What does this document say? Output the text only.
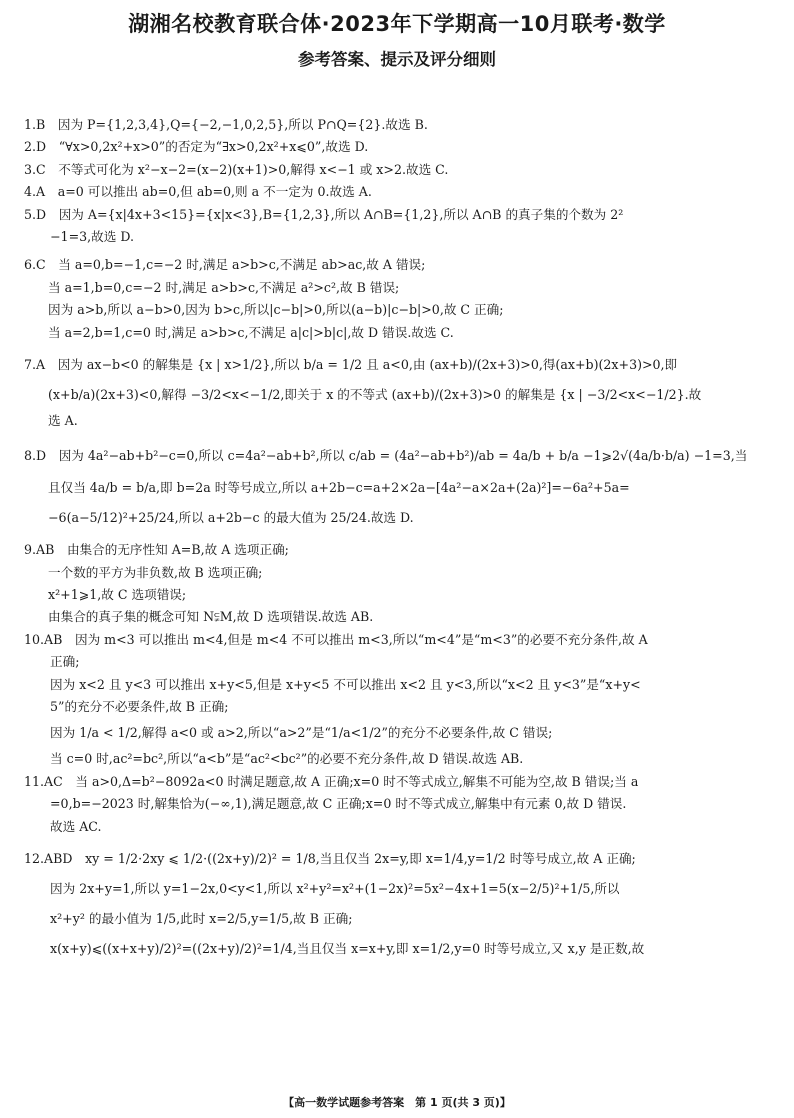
湖湘名校教育联合体·2023年下学期高一10月联考·数学
参考答案、提示及评分细则
1.B　因为 P={1,2,3,4},Q={−2,−1,0,2,5},所以 P∩Q={2}.故选 B.
2.D　“∀x>0,2x²+x>0”的否定为“∃x>0,2x²+x⩽0”,故选 D.
3.C　不等式可化为 x²−x−2=(x−2)(x+1)>0,解得 x<−1 或 x>2.故选 C.
4.A　a=0 可以推出 ab=0,但 ab=0,则 a 不一定为 0.故选 A.
5.D　因为 A={x|4x+3<15}={x|x<3},B={1,2,3},所以 A∩B={1,2},所以 A∩B 的真子集的个数为 2²
−1=3,故选 D.
6.C　当 a=0,b=−1,c=−2 时,满足 a>b>c,不满足 ab>ac,故 A 错误;
当 a=1,b=0,c=−2 时,满足 a>b>c,不满足 a²>c²,故 B 错误;
因为 a>b,所以 a−b>0,因为 b>c,所以|c−b|>0,所以(a−b)|c−b|>0,故 C 正确;
当 a=2,b=1,c=0 时,满足 a>b>c,不满足 a|c|>b|c|,故 D 错误.故选 C.
7.A　因为 ax−b<0 的解集是 {x | x>1/2},所以 b/a = 1/2 且 a<0,由 (ax+b)/(2x+3)>0,得(ax+b)(2x+3)>0,即
(x+b/a)(2x+3)<0,解得 −3/2<x<−1/2,即关于 x 的不等式 (ax+b)/(2x+3)>0 的解集是 {x | −3/2<x<−1/2}.故
选 A.
8.D　因为 4a²−ab+b²−c=0,所以 c=4a²−ab+b²,所以 c/ab = (4a²−ab+b²)/ab = 4a/b + b/a −1⩾2√(4a/b·b/a) −1=3,当
且仅当 4a/b = b/a,即 b=2a 时等号成立,所以 a+2b−c=a+2×2a−[4a²−a×2a+(2a)²]=−6a²+5a=
−6(a−5/12)²+25/24,所以 a+2b−c 的最大值为 25/24.故选 D.
9.AB　由集合的无序性知 A=B,故 A 选项正确;
一个数的平方为非负数,故 B 选项正确;
x²+1⩾1,故 C 选项错误;
由集合的真子集的概念可知 N⫋M,故 D 选项错误.故选 AB.
10.AB　因为 m<3 可以推出 m<4,但是 m<4 不可以推出 m<3,所以“m<4”是“m<3”的必要不充分条件,故 A
正确;
因为 x<2 且 y<3 可以推出 x+y<5,但是 x+y<5 不可以推出 x<2 且 y<3,所以“x<2 且 y<3”是“x+y<
5”的充分不必要条件,故 B 正确;
因为 1/a < 1/2,解得 a<0 或 a>2,所以“a>2”是“1/a<1/2”的充分不必要条件,故 C 错误;
当 c=0 时,ac²=bc²,所以“a<b”是“ac²<bc²”的必要不充分条件,故 D 错误.故选 AB.
11.AC　当 a>0,Δ=b²−8092a<0 时满足题意,故 A 正确;x=0 时不等式成立,解集不可能为空,故 B 错误;当 a
=0,b=−2023 时,解集恰为(−∞,1),满足题意,故 C 正确;x=0 时不等式成立,解集中有元素 0,故 D 错误.
故选 AC.
12.ABD　xy = 1/2·2xy ⩽ 1/2·((2x+y)/2)² = 1/8,当且仅当 2x=y,即 x=1/4,y=1/2 时等号成立,故 A 正确;
因为 2x+y=1,所以 y=1−2x,0<y<1,所以 x²+y²=x²+(1−2x)²=5x²−4x+1=5(x−2/5)²+1/5,所以
x²+y² 的最小值为 1/5,此时 x=2/5,y=1/5,故 B 正确;
x(x+y)⩽((x+x+y)/2)²=((2x+y)/2)²=1/4,当且仅当 x=x+y,即 x=1/2,y=0 时等号成立,又 x,y 是正数,故
【高一数学试题参考答案　第 1 页(共 3 页)】
